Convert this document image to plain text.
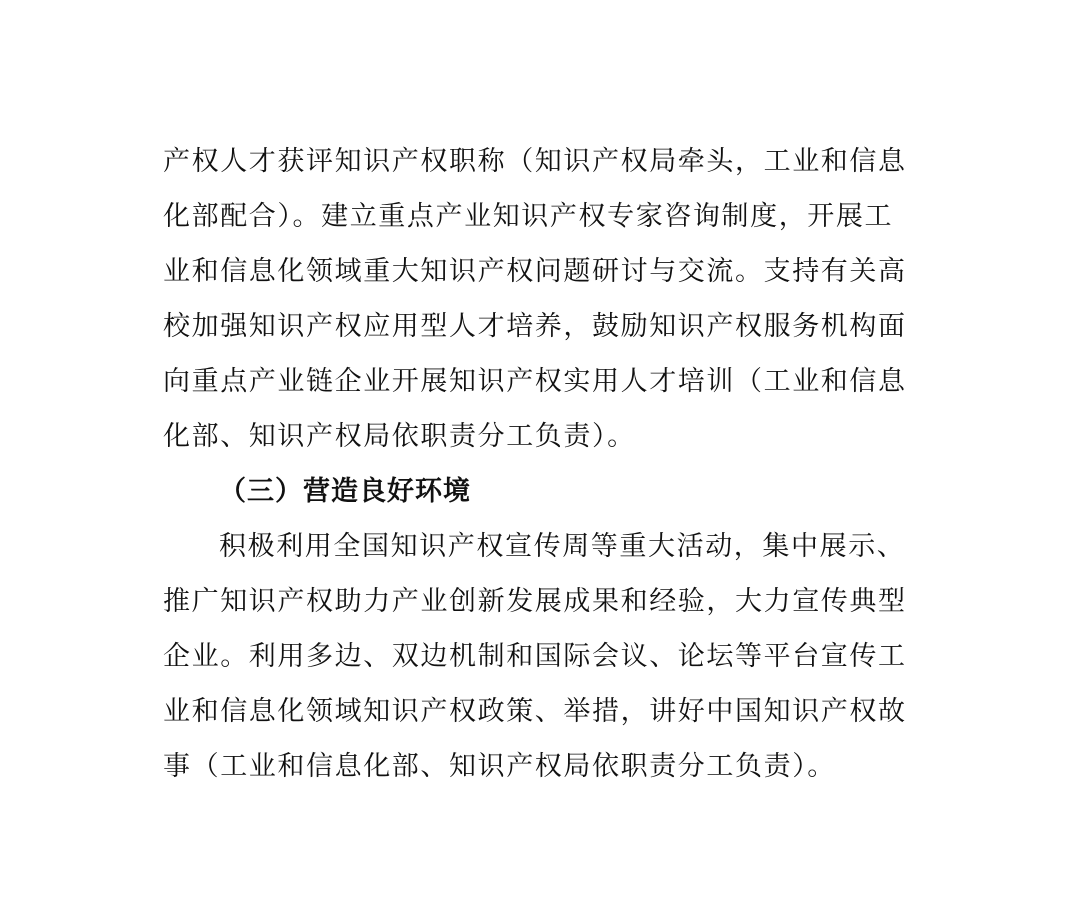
产权人才获评知识产权职称（知识产权局牵头，工业和信息
化部配合）。建立重点产业知识产权专家咨询制度，开展工
业和信息化领域重大知识产权问题研讨与交流。支持有关高
校加强知识产权应用型人才培养，鼓励知识产权服务机构面
向重点产业链企业开展知识产权实用人才培训（工业和信息
化部、知识产权局依职责分工负责）。
（三）营造良好环境
积极利用全国知识产权宣传周等重大活动，集中展示、
推广知识产权助力产业创新发展成果和经验，大力宣传典型
企业。利用多边、双边机制和国际会议、论坛等平台宣传工
业和信息化领域知识产权政策、举措，讲好中国知识产权故
事（工业和信息化部、知识产权局依职责分工负责）。
